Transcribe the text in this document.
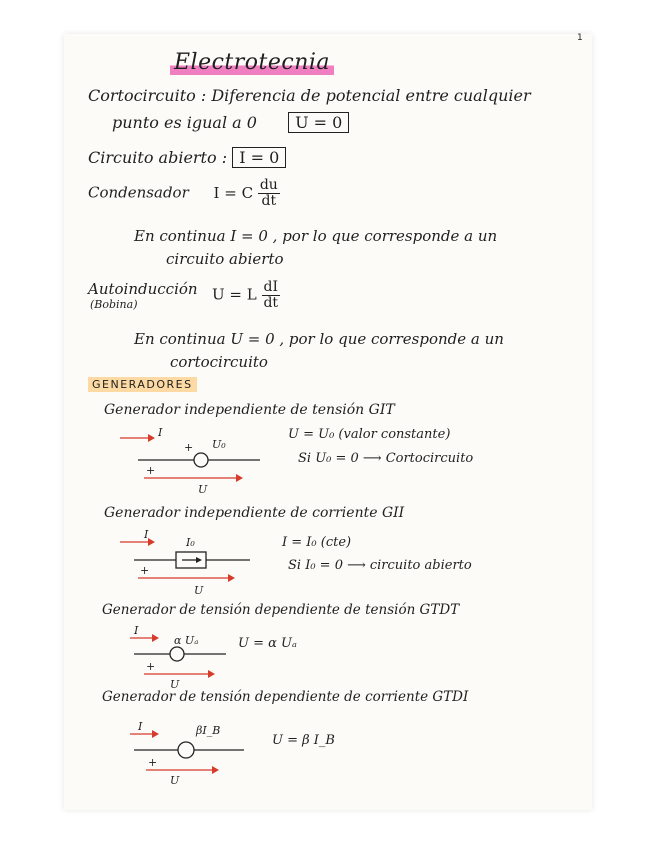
1
Electrotecnia
Cortocircuito : Diferencia de potencial entre cualquier
punto es igual a 0 U = 0
Circuito abierto : I = 0
Condensador I = C $\frac{du}{dt}$
En continua I = 0 , por lo que corresponde a un
circuito abierto
Autoinducción
(Bobina)
U = L $\frac{dI}{dt}$
En continua U = 0 , por lo que corresponde a un
cortocircuito
GENERADORES
Generador independiente de tensión GIT
I
+ U₀
+
U
U = U₀ (valor constante)
Si U₀ = 0 ⟶ Cortocircuito
Generador independiente de corriente GII
I
I₀
+
U
I = I₀ (cte)
Si I₀ = 0 ⟶ circuito abierto
Generador de tensión dependiente de tensión GTDT
I
α Uₐ
+
U
U = α Uₐ
Generador de tensión dependiente de corriente GTDI
I	βI_B
+
U
U = β I_B
